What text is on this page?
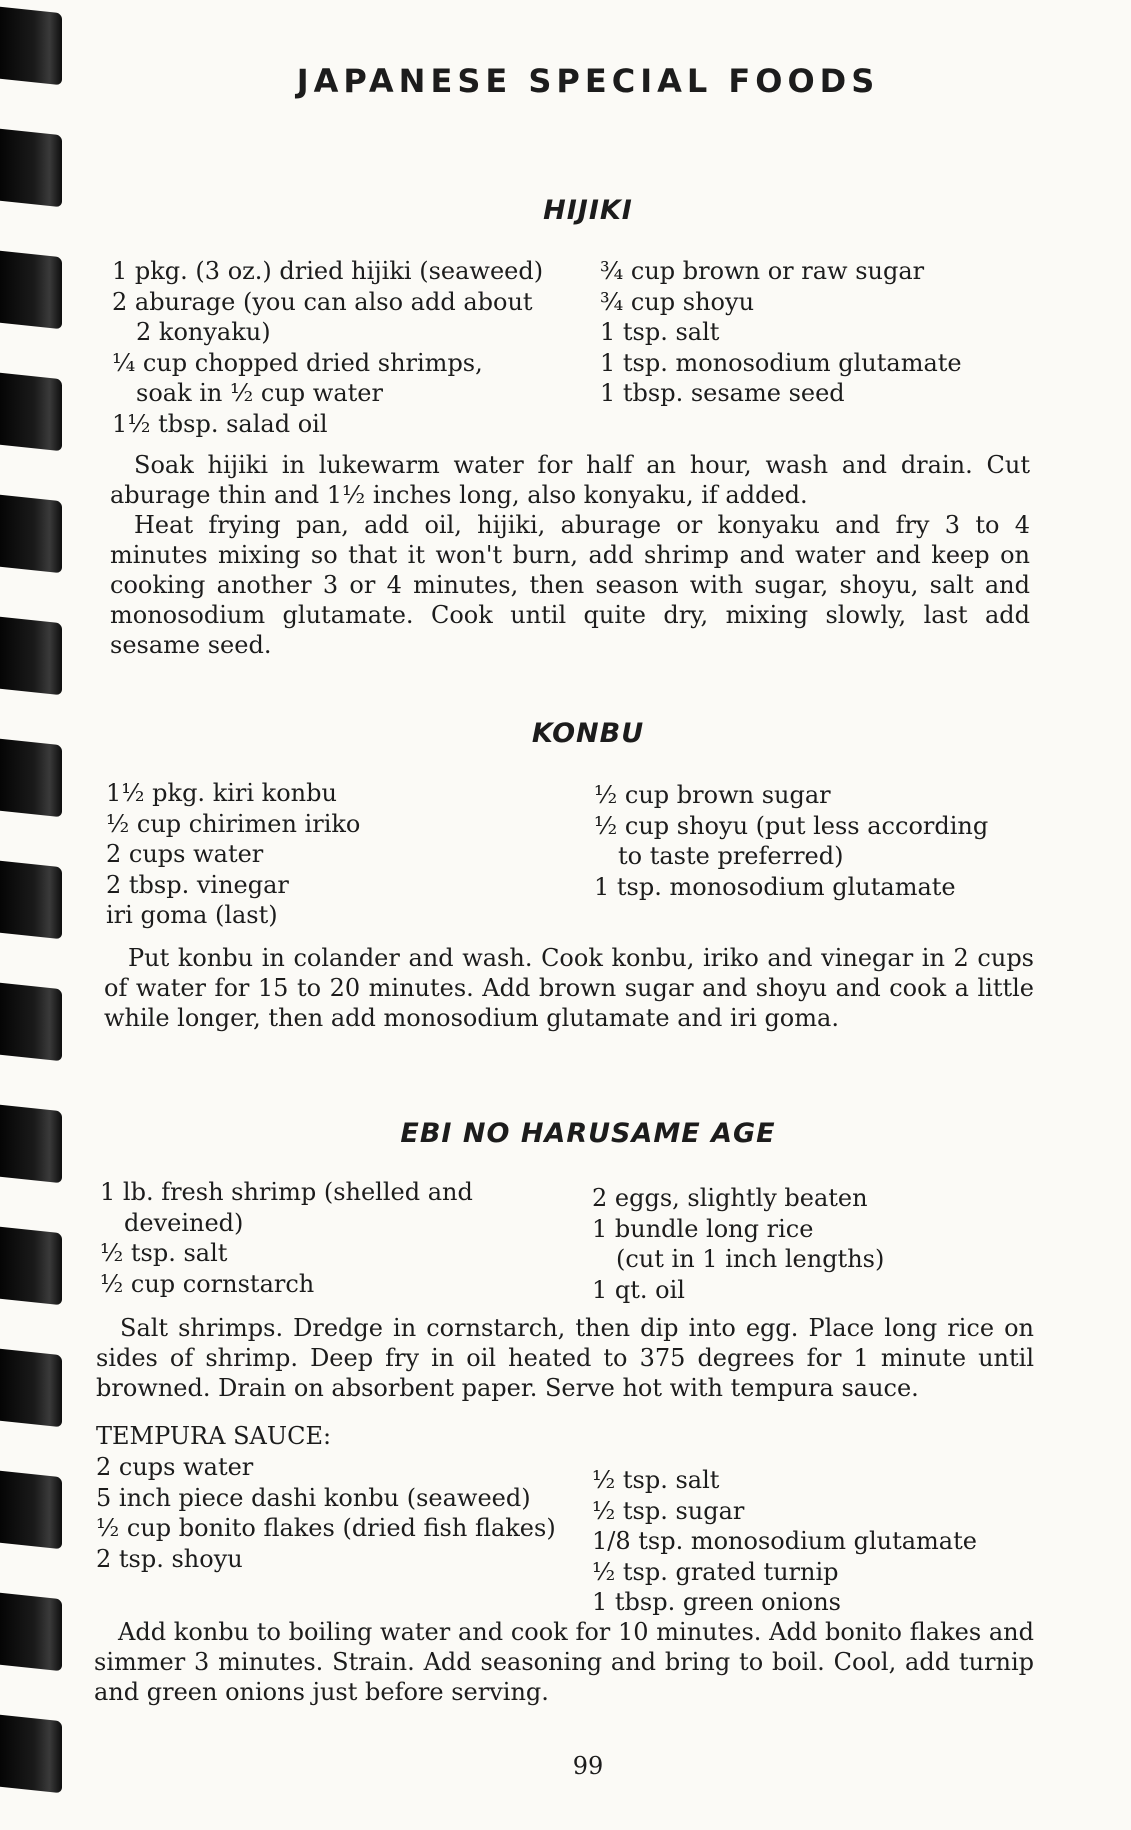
JAPANESE SPECIAL FOODS
HIJIKI
1 pkg. (3 oz.) dried hijiki (seaweed)
2 aburage (you can also add about
2 konyaku)
¼ cup chopped dried shrimps,
soak in ½ cup water
1½ tbsp. salad oil
¾ cup brown or raw sugar
¾ cup shoyu
1 tsp. salt
1 tsp. monosodium glutamate
1 tbsp. sesame seed

Soak hijiki in lukewarm water for half an hour, wash and drain. Cut aburage thin and 1½ inches long, also konyaku, if added.

Heat frying pan, add oil, hijiki, aburage or konyaku and fry 3 to 4 minutes mixing so that it won't burn, add shrimp and water and keep on cooking another 3 or 4 minutes, then season with sugar, shoyu, salt and monosodium glutamate. Cook until quite dry, mixing slowly, last add sesame seed.

KONBU
1½ pkg. kiri konbu
½ cup chirimen iriko
2 cups water
2 tbsp. vinegar
iri goma (last)
½ cup brown sugar
½ cup shoyu (put less according
to taste preferred)
1 tsp. monosodium glutamate

Put konbu in colander and wash. Cook konbu, iriko and vinegar in 2 cups of water for 15 to 20 minutes. Add brown sugar and shoyu and cook a little while longer, then add monosodium glutamate and iri goma.

EBI NO HARUSAME AGE
1 lb. fresh shrimp (shelled and
deveined)
½ tsp. salt
½ cup cornstarch
2 eggs, slightly beaten
1 bundle long rice
(cut in 1 inch lengths)
1 qt. oil

Salt shrimps. Dredge in cornstarch, then dip into egg. Place long rice on sides of shrimp. Deep fry in oil heated to 375 degrees for 1 minute until browned. Drain on absorbent paper. Serve hot with tempura sauce.

TEMPURA SAUCE:
2 cups water
5 inch piece dashi konbu (seaweed)
½ cup bonito flakes (dried fish flakes)
2 tsp. shoyu
½ tsp. salt
½ tsp. sugar
1/8 tsp. monosodium glutamate
½ tsp. grated turnip
1 tbsp. green onions

Add konbu to boiling water and cook for 10 minutes. Add bonito flakes and simmer 3 minutes. Strain. Add seasoning and bring to boil. Cool, add turnip and green onions just before serving.

99
